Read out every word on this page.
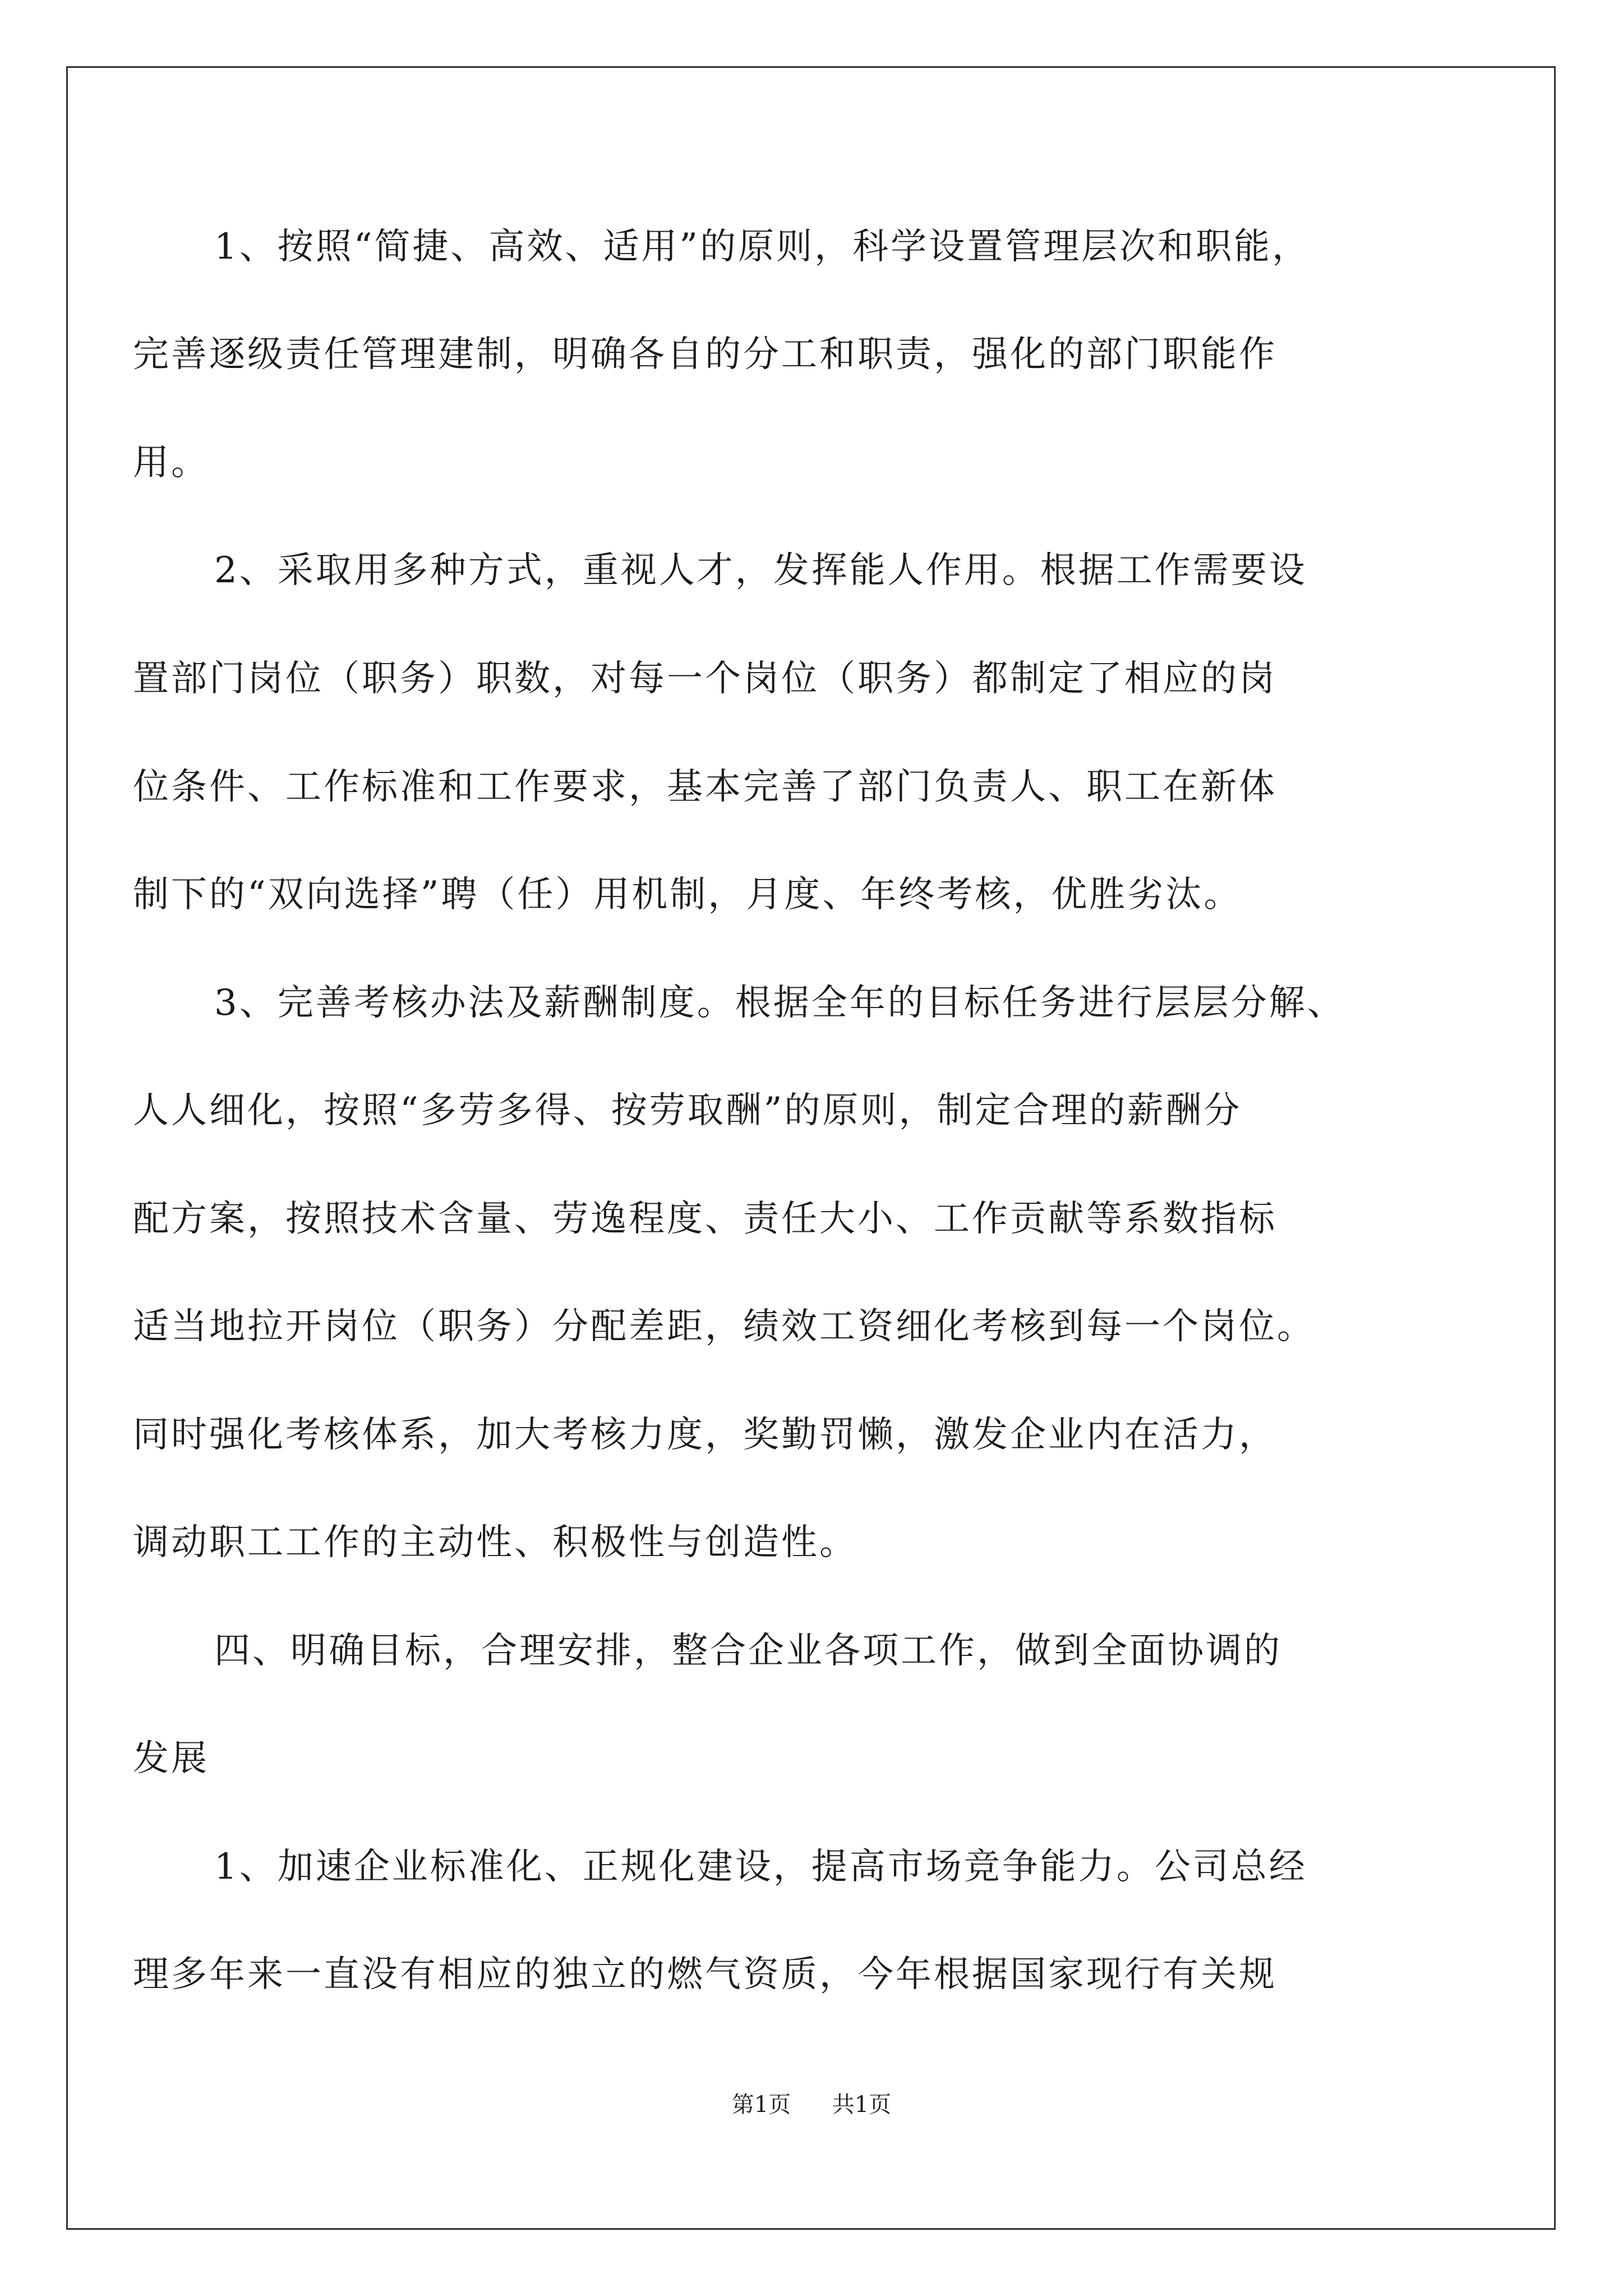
1、按照“简捷、高效、适用”的原则，科学设置管理层次和职能，
完善逐级责任管理建制，明确各自的分工和职责，强化的部门职能作
用。
2、采取用多种方式，重视人才，发挥能人作用。根据工作需要设
置部门岗位（职务）职数，对每一个岗位（职务）都制定了相应的岗
位条件、工作标准和工作要求，基本完善了部门负责人、职工在新体
制下的“双向选择”聘（任）用机制，月度、年终考核，优胜劣汰。
3、完善考核办法及薪酬制度。根据全年的目标任务进行层层分解、
人人细化，按照“多劳多得、按劳取酬”的原则，制定合理的薪酬分
配方案，按照技术含量、劳逸程度、责任大小、工作贡献等系数指标
适当地拉开岗位（职务）分配差距，绩效工资细化考核到每一个岗位。
同时强化考核体系，加大考核力度，奖勤罚懒，激发企业内在活力，
调动职工工作的主动性、积极性与创造性。
四、明确目标，合理安排，整合企业各项工作，做到全面协调的
发展
1、加速企业标准化、正规化建设，提高市场竞争能力。公司总经
理多年来一直没有相应的独立的燃气资质，今年根据国家现行有关规
第1页 共1页
